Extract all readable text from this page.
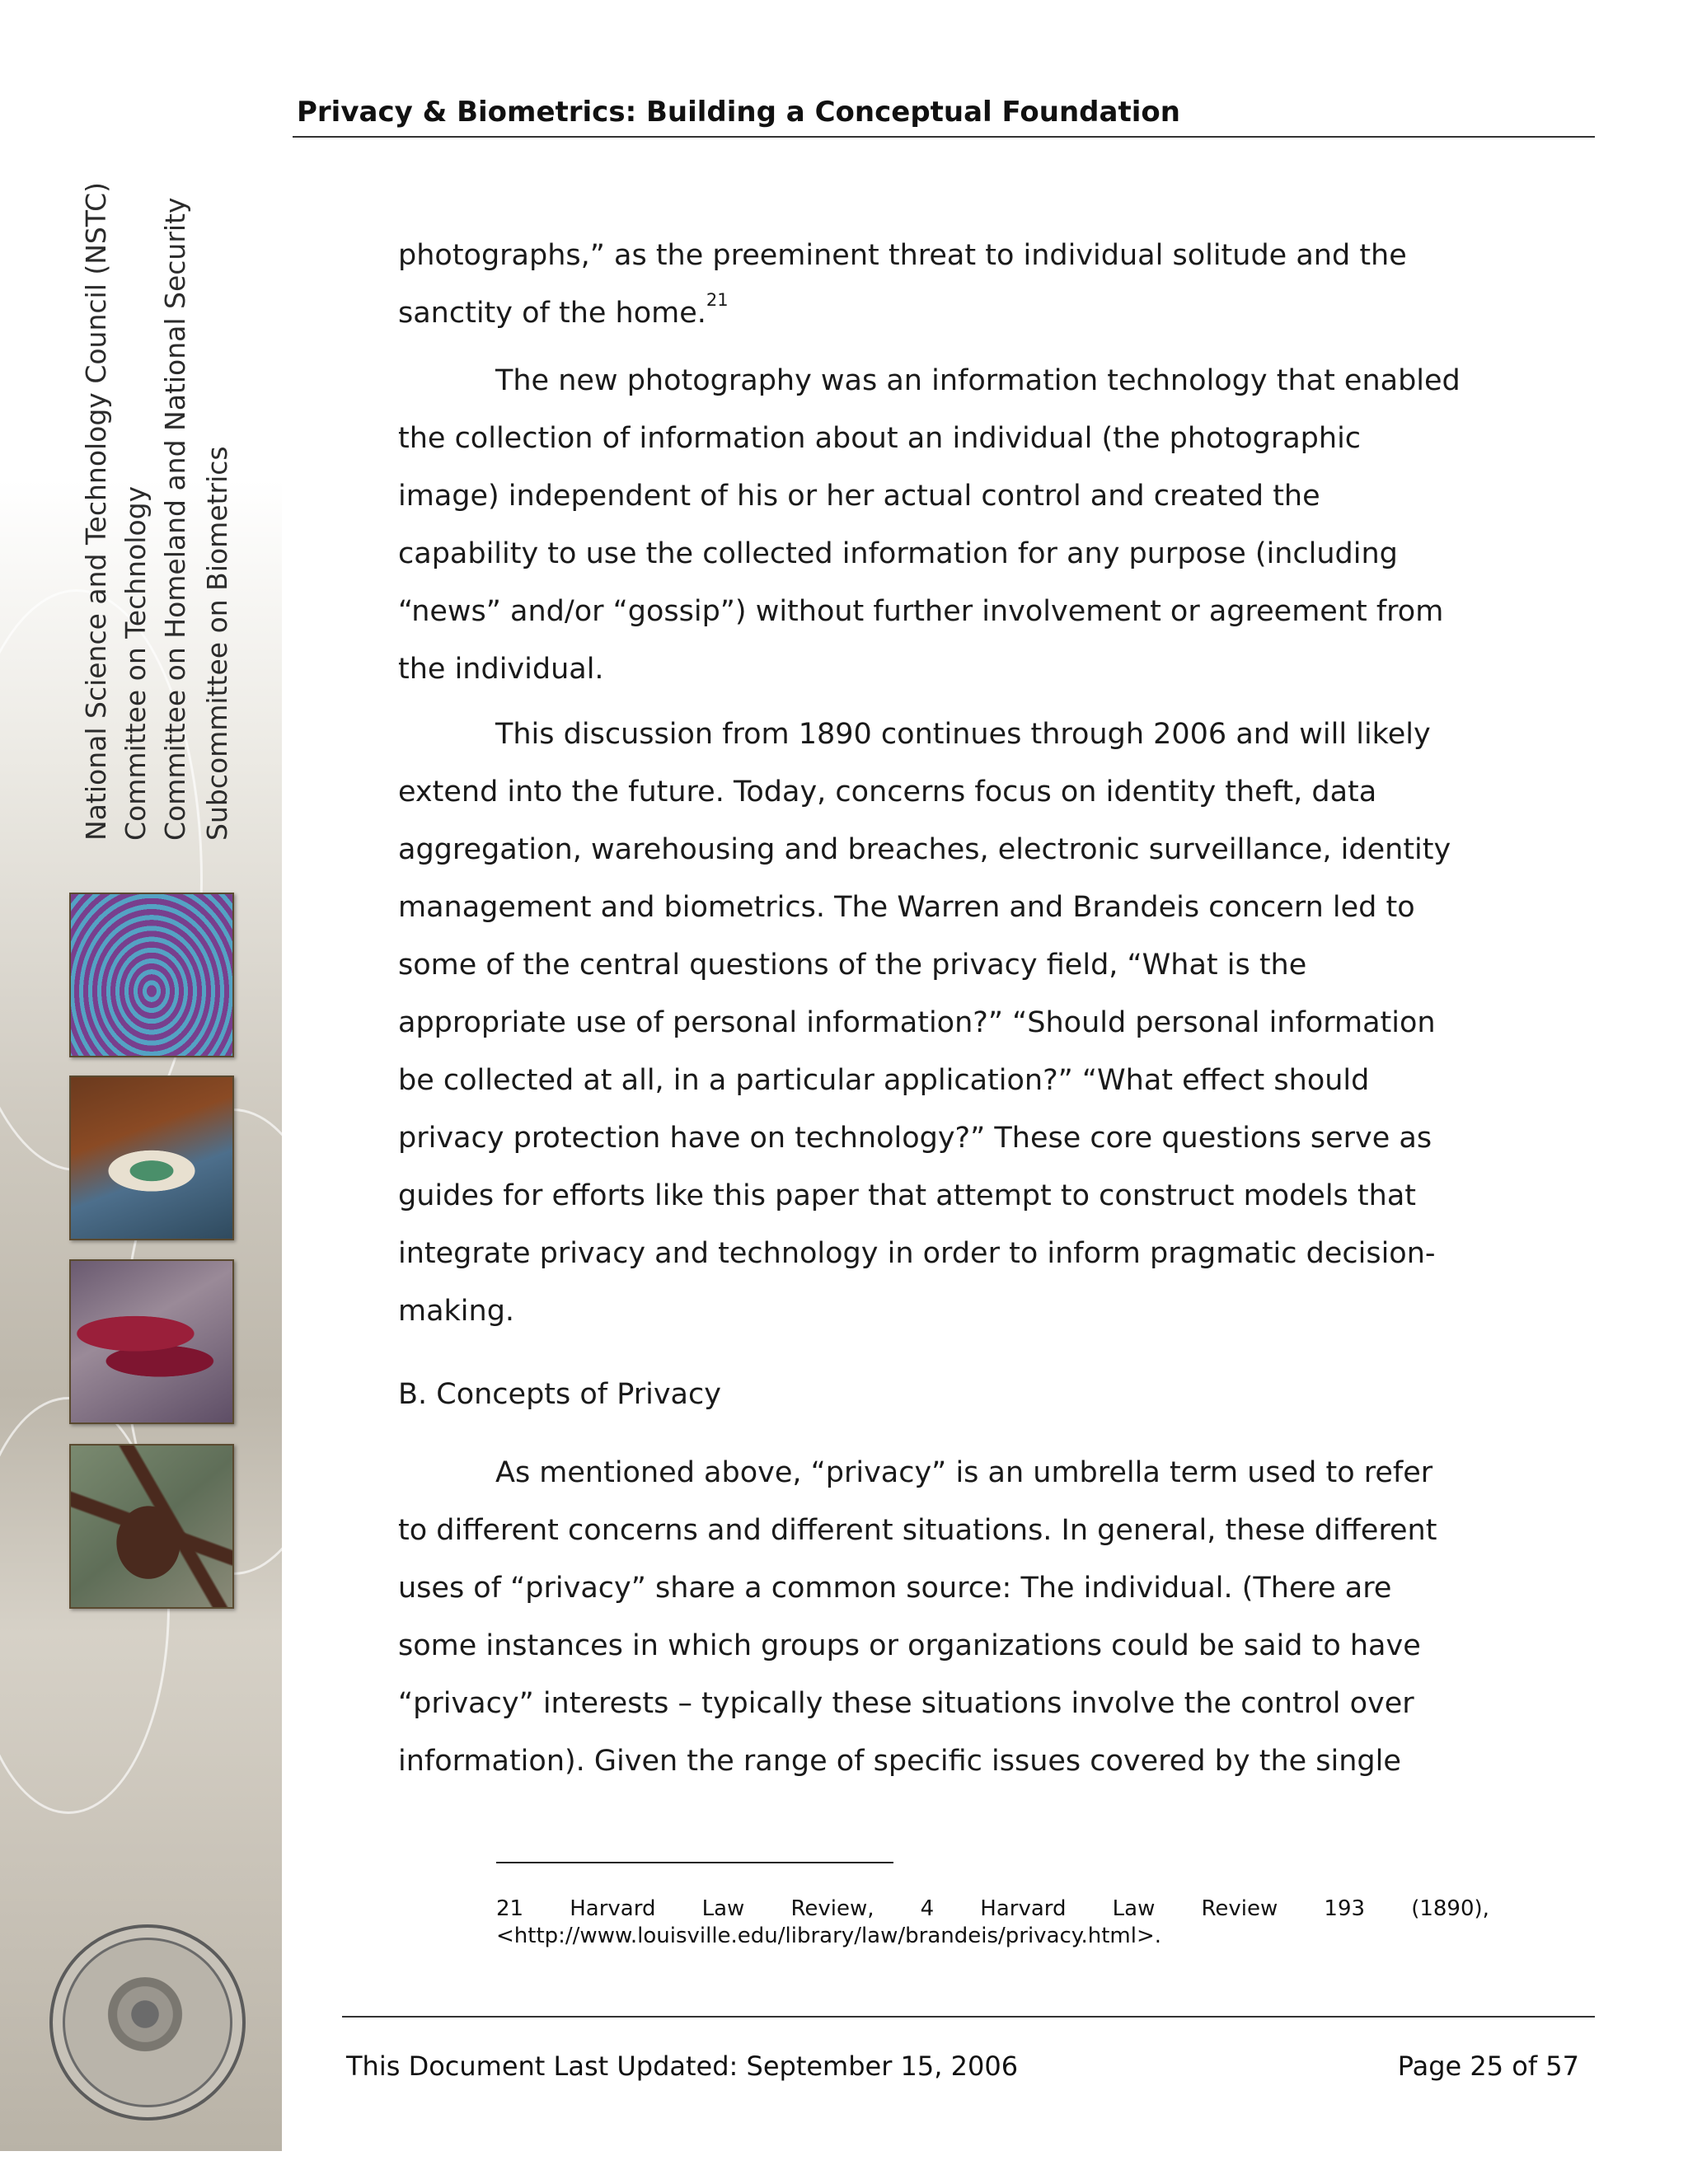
Privacy & Biometrics: Building a Conceptual Foundation
National Science and Technology Council (NSTC) Committee on Technology Committee on Homeland and National Security Subcommittee on Biometrics
photographs,” as the preeminent threat to individual solitude and the
sanctity of the home.$^{21}$
The new photography was an information technology that enabled
the collection of information about an individual (the photographic
image) independent of his or her actual control and created the
capability to use the collected information for any purpose (including
“news” and/or “gossip”) without further involvement or agreement from
the individual.
This discussion from 1890 continues through 2006 and will likely
extend into the future. Today, concerns focus on identity theft, data
aggregation, warehousing and breaches, electronic surveillance, identity
management and biometrics. The Warren and Brandeis concern led to
some of the central questions of the privacy field, “What is the
appropriate use of personal information?” “Should personal information
be collected at all, in a particular application?” “What effect should
privacy protection have on technology?” These core questions serve as
guides for efforts like this paper that attempt to construct models that
integrate privacy and technology in order to inform pragmatic decision-
making.
B. Concepts of Privacy
As mentioned above, “privacy” is an umbrella term used to refer
to different concerns and different situations. In general, these different
uses of “privacy” share a common source: The individual. (There are
some instances in which groups or organizations could be said to have
“privacy” interests – typically these situations involve the control over
information). Given the range of specific issues covered by the single
21 Harvard Law Review, 4 Harvard Law Review 193 (1890),
<http://www.louisville.edu/library/law/brandeis/privacy.html>.
This Document Last Updated: September 15, 2006	Page 25 of 57
